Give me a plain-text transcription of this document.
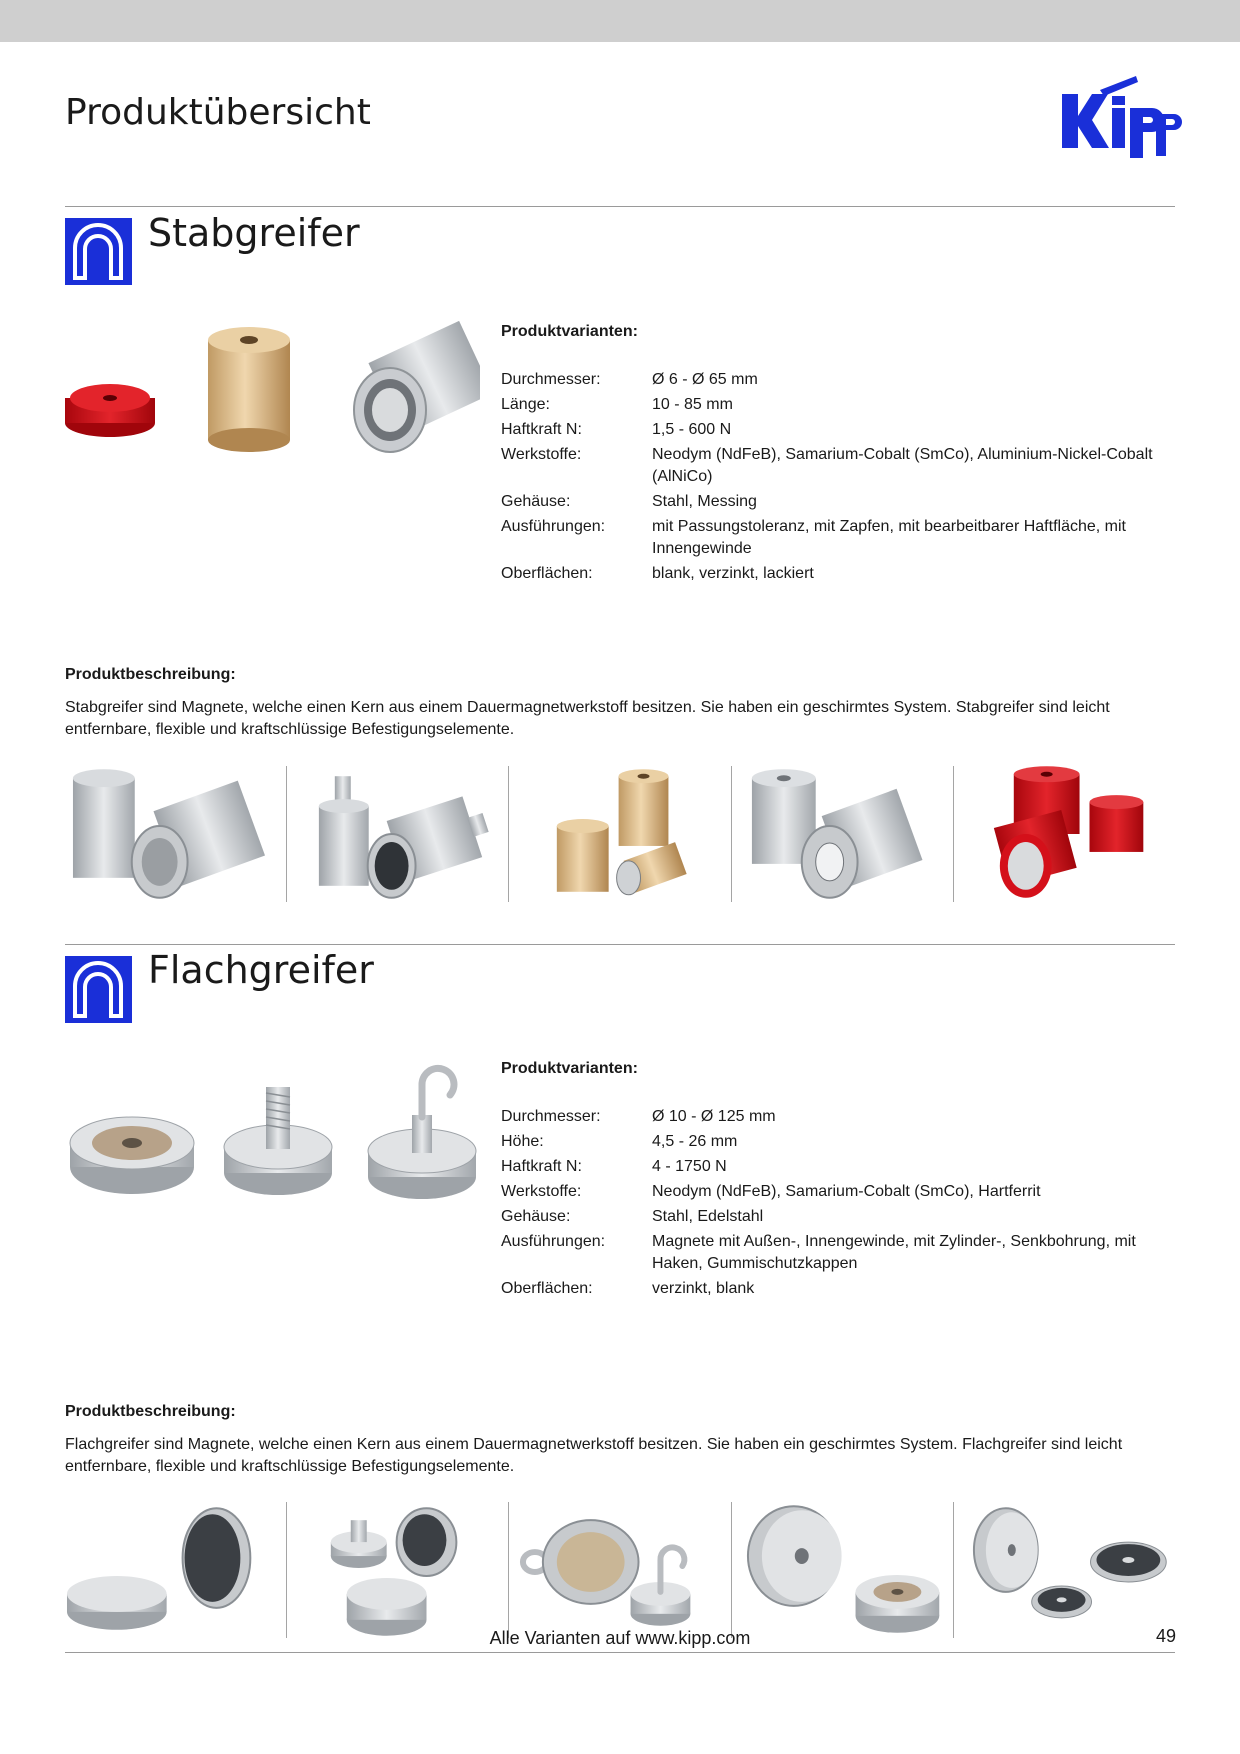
Produktübersicht
Stabgreifer
Produktvarianten:
Durchmesser:	Ø 6 - Ø 65 mm
Länge:	10 - 85 mm
Haftkraft N:	1,5 - 600 N
Werkstoffe:	Neodym (NdFeB), Samarium-Cobalt (SmCo), Aluminium-Nickel-Cobalt (AlNiCo)
Gehäuse:	Stahl, Messing
Ausführungen:	mit Passungstoleranz, mit Zapfen, mit bearbeitbarer Haftfläche, mit Innengewinde
Oberflächen:	blank, verzinkt, lackiert
Produktbeschreibung:
Stabgreifer sind Magnete, welche einen Kern aus einem Dauermagnetwerkstoff besitzen. Sie haben ein geschirmtes System. Stabgreifer sind leicht entfernbare, flexible und kraftschlüssige Befestigungselemente.
Flachgreifer
Produktvarianten:
Durchmesser:	Ø 10 - Ø 125 mm
Höhe:	4,5 - 26 mm
Haftkraft N:	4 - 1750 N
Werkstoffe:	Neodym (NdFeB), Samarium-Cobalt (SmCo), Hartferrit
Gehäuse:	Stahl, Edelstahl
Ausführungen:	Magnete mit Außen-, Innengewinde, mit Zylinder-, Senkbohrung, mit Haken, Gummischutzkappen
Oberflächen:	verzinkt, blank
Produktbeschreibung:
Flachgreifer sind Magnete, welche einen Kern aus einem Dauermagnetwerkstoff besitzen. Sie haben ein geschirmtes System. Flachgreifer sind leicht entfernbare, flexible und kraftschlüssige Befestigungselemente.
Alle Varianten auf www.kipp.com	49
